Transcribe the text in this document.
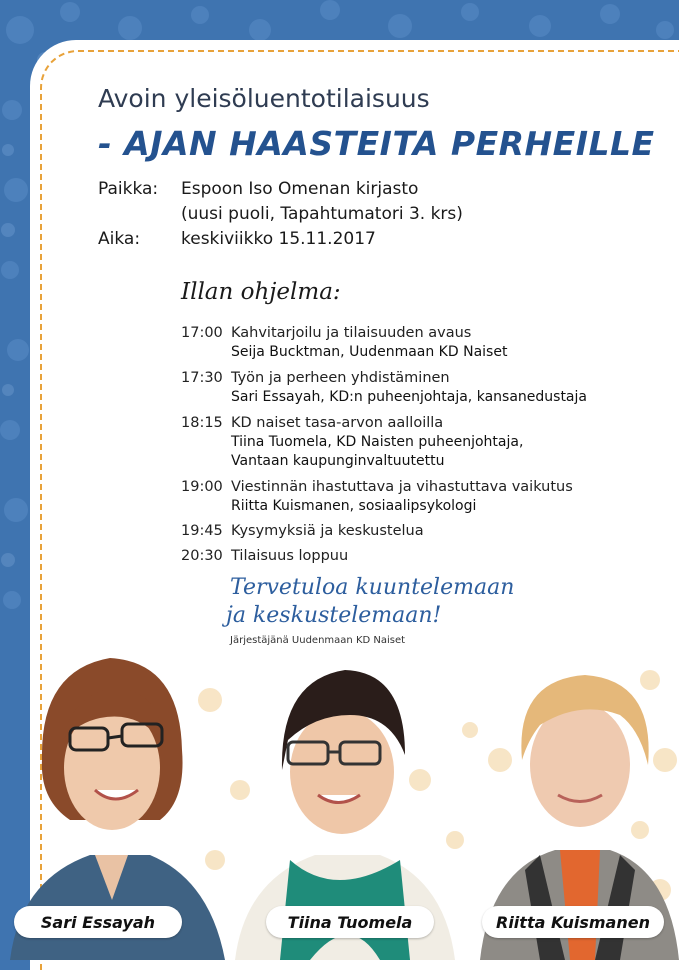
Avoin yleisöluentotilaisuus
- AJAN HAASTEITA PERHEILLE
Paikka: Espoon Iso Omenan kirjasto
(uusi puoli, Tapahtumatori 3. krs)
Aika: keskiviikko 15.11.2017
Illan ohjelma:
17:00 Kahvitarjoilu ja tilaisuuden avaus
Seija Bucktman, Uudenmaan KD Naiset
17:30 Työn ja perheen yhdistäminen
Sari Essayah, KD:n puheenjohtaja, kansanedustaja
18:15 KD naiset tasa-arvon aalloilla
Tiina Tuomela, KD Naisten puheenjohtaja,
Vantaan kaupunginvaltuutettu
19:00 Viestinnän ihastuttava ja vihastuttava vaikutus
Riitta Kuismanen, sosiaalipsykologi
19:45 Kysymyksiä ja keskustelua
20:30 Tilaisuus loppuu
Tervetuloa kuuntelemaan
ja keskustelemaan!
Järjestäjänä Uudenmaan KD Naiset
Sari Essayah	Tiina Tuomela	Riitta Kuismanen
